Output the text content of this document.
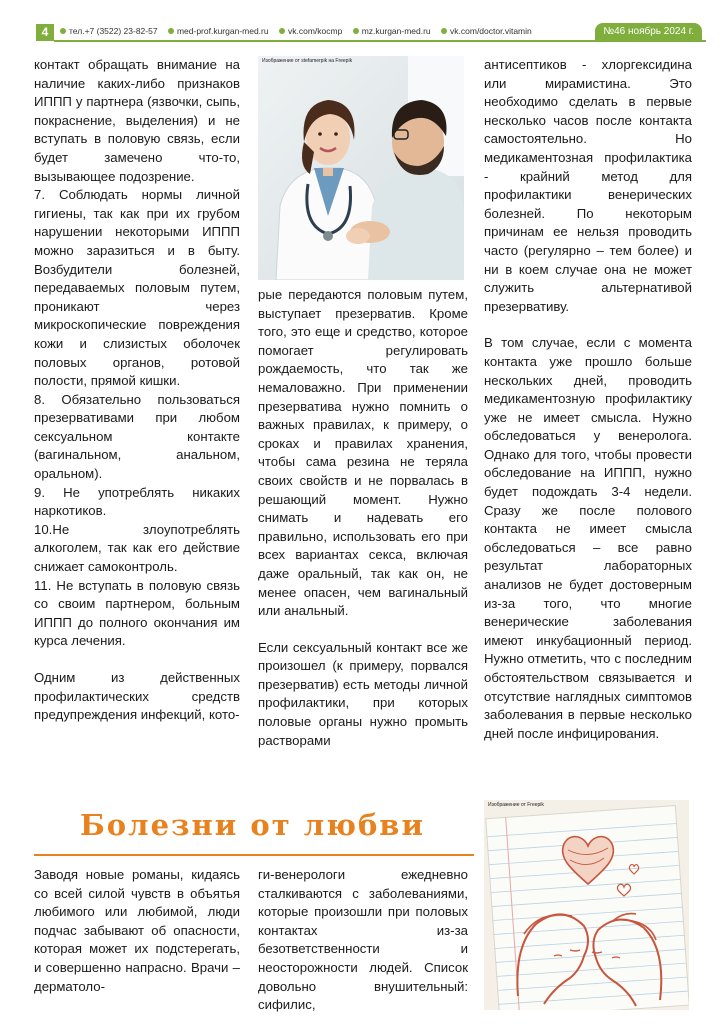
4	тел.+7 (3522) 23-82-57 med-prof.kurgan-med.ru vk.com/kocmp mz.kurgan-med.ru vk.com/doctor.vitamin	№46 ноябрь 2024 г.

контакт обращать внимание на наличие каких-либо признаков ИППП у партнера (язвочки, сыпь, покраснение, выделения) и не вступать в половую связь, если будет замечено что-то, вызывающее подозрение.

7. Соблюдать нормы личной гигиены, так как при их грубом нарушении некоторыми ИППП можно заразиться и в быту. Возбудители болезней, передаваемых половым путем, проникают через микроскопические повреждения кожи и слизистых оболочек половых органов, ротовой полости, прямой кишки.

8. Обязательно пользоваться презервативами при любом сексуальном контакте (вагинальном, анальном, оральном).

9. Не употреблять никаких наркотиков.

10.Не злоупотреблять алкоголем, так как его действие снижает самоконтроль.

11. Не вступать в половую связь со своим партнером, больным ИППП до полного окончания им курса лечения.

Одним из действенных профилактических средств предупреждения инфекций, кото-

Изображение от stefamerpik на Freepik

рые передаются половым путем, выступает презерватив. Кроме того, это еще и средство, которое помогает регулировать рождаемость, что так же немаловажно. При применении презерватива нужно помнить о важных правилах, к примеру, о сроках и правилах хранения, чтобы сама резина не теряла своих свойств и не порвалась в решающий момент. Нужно снимать и надевать его правильно, использовать его при всех вариантах секса, включая даже оральный, так как он, не менее опасен, чем вагинальный или анальный.

Если сексуальный контакт все же произошел (к примеру, порвался презерватив) есть методы личной профилактики, при которых половые органы нужно промыть растворами

антисептиков - хлоргекcидина или мирамистина. Это необходимо сделать в первые несколько часов после контакта самостоятельно. Но медикаментозная профилактика - крайний метод для профилактики венерических болезней. По некоторым причинам ее нельзя проводить часто (регулярно – тем более) и ни в коем случае она не может служить альтернативой презервативу.

В том случае, если с момента контакта уже прошло больше нескольких дней, проводить медикаментозную профилактику уже не имеет смысла. Нужно обследоваться у венеролога. Однако для того, чтобы провести обследование на ИППП, нужно будет подождать 3-4 недели. Сразу же после полового контакта не имеет смысла обследоваться – все равно результат лабораторных анализов не будет достоверным из-за того, что многие венерические заболевания имеют инкубационный период. Нужно отметить, что с последним обстоятельством связывается и отсутствие наглядных симптомов заболевания в первые несколько дней после инфицирования.

Болезни от любви

Заводя новые романы, кидаясь со всей силой чувств в объятья любимого или любимой, люди подчас забывают об опасности, которая может их подстерегать, и совершенно напрасно. Врачи – дерматоло-

ги-венерологи ежедневно сталкиваются с заболеваниями, которые произошли при половых контактах из-за безответственности и неосторожности людей. Список довольно внушительный: сифилис,

Изображение от Freepik
